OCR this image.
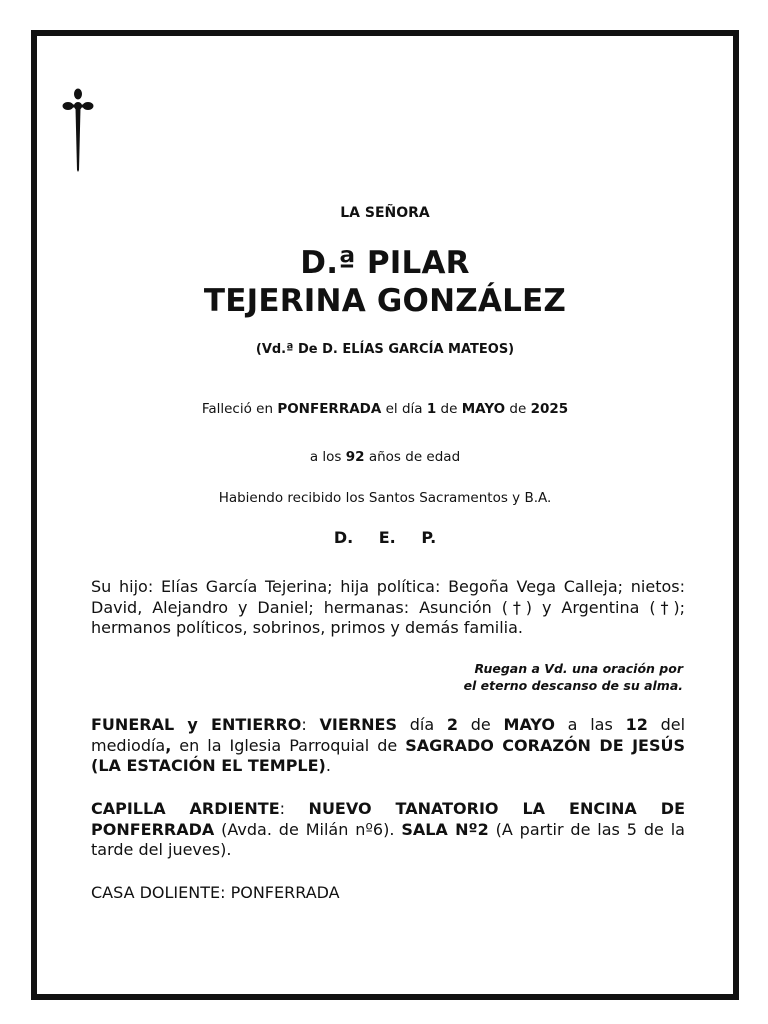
LA SEÑORA
D.ª PILAR
TEJERINA GONZÁLEZ
(Vd.ª De D. ELÍAS GARCÍA MATEOS)
Falleció en PONFERRADA el día 1 de MAYO de 2025
a los 92 años de edad
Habiendo recibido los Santos Sacramentos y B.A.
D. E. P.
Su hijo: Elías García Tejerina; hija política: Begoña Vega Calleja; nietos: David, Alejandro y Daniel; hermanas: Asunción (†) y Argentina (†); hermanos políticos, sobrinos, primos y demás familia.
Ruegan a Vd. una oración por
el eterno descanso de su alma.
FUNERAL y ENTIERRO: VIERNES día 2 de MAYO a las 12 del mediodía, en la Iglesia Parroquial de SAGRADO CORAZÓN DE JESÚS (LA ESTACIÓN EL TEMPLE).
CAPILLA ARDIENTE: NUEVO TANATORIO LA ENCINA DE PONFERRADA (Avda. de Milán nº6). SALA Nº2 (A partir de las 5 de la tarde del jueves).
CASA DOLIENTE: PONFERRADA
